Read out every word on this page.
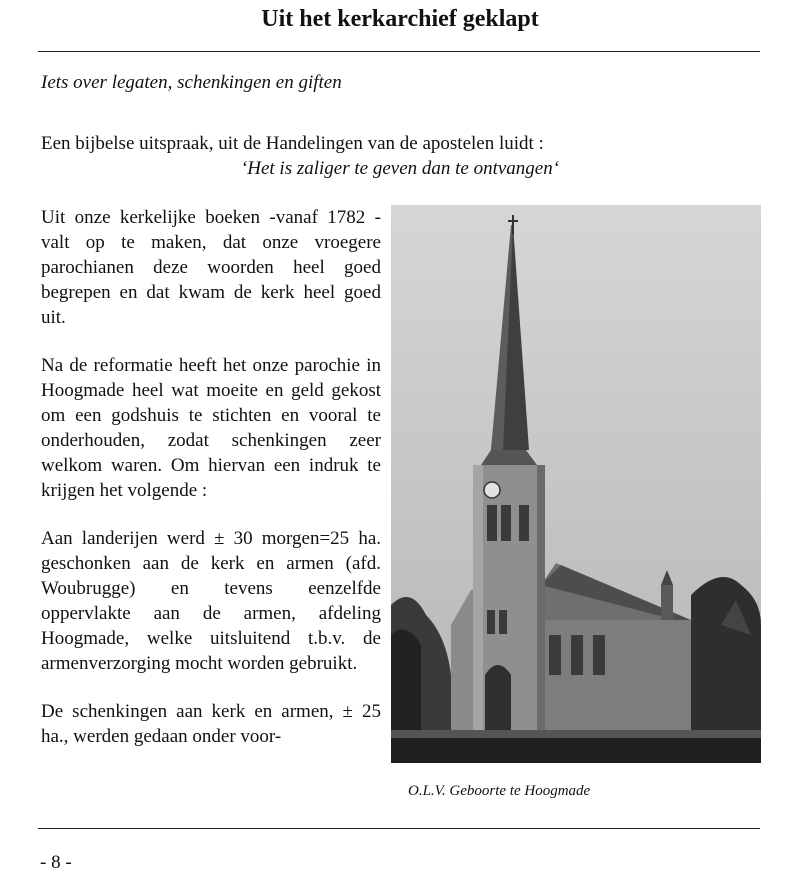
Uit het kerkarchief geklapt

Iets over legaten, schenkingen en giften

Een bijbelse uitspraak, uit de Handelingen van de apostelen luidt :

‘Het is zaliger te geven dan te ontvangen‘

Uit onze kerkelijke boeken -vanaf 1782 - valt op te maken, dat onze vroegere parochianen deze woorden heel goed begrepen en dat kwam de kerk heel goed uit.

Na de reformatie heeft het onze parochie in Hoogmade heel wat moeite en geld gekost om een godshuis te stichten en vooral te onderhouden, zodat schenkingen zeer welkom waren. Om hiervan een indruk te krijgen het volgende :

Aan landerijen werd ± 30 morgen=25 ha. geschonken aan de kerk en armen (afd. Woubrugge) en tevens eenzelfde oppervlakte aan de armen, afdeling Hoogmade, welke uitsluitend t.b.v. de armenverzorging mocht worden gebruikt.

De schenkingen aan kerk en armen, ± 25 ha., werden gedaan onder voor-

O.L.V. Geboorte te Hoogmade

- 8 -
